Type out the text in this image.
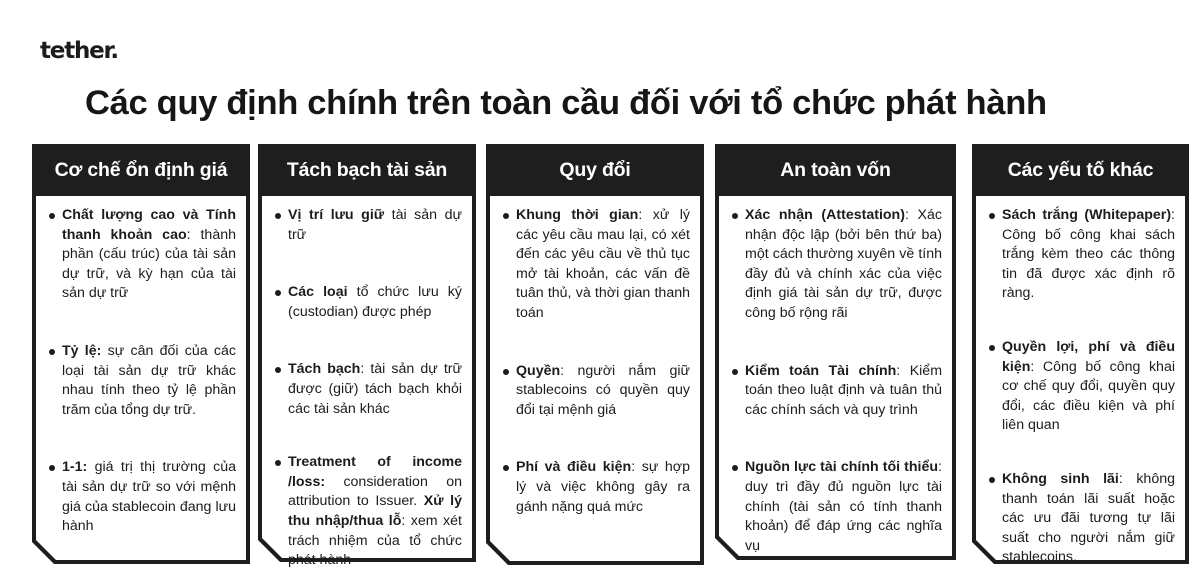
tether.
Các quy định chính trên toàn cầu đối với tổ chức phát hành
Cơ chế ổn định giá
Chất lượng cao và Tính thanh khoản cao: thành phần (cấu trúc) của tài sản dự trữ, và kỳ hạn của tài sản dự trữ
Tỷ lệ: sự cân đối của các loại tài sản dự trữ khác nhau tính theo tỷ lệ phần trăm của tổng dự trữ.
1-1: giá trị thị trường của tài sản dự trữ so với mệnh giá của stablecoin đang lưu hành
Tách bạch tài sản
Vị trí lưu giữ tài sản dự trữ
Các loại tổ chức lưu ký (custodian) được phép
Tách bạch: tài sản dự trữ được (giữ) tách bạch khỏi các tài sản khác
Treatment of income /loss: consideration on attribution to Issuer. Xử lý thu nhập/thua lỗ: xem xét trách nhiệm của tổ chức phát hành
Quy đổi
Khung thời gian: xử lý các yêu cầu mau lại, có xét đến các yêu cầu về thủ tục mở tài khoản, các vấn đề tuân thủ, và thời gian thanh toán
Quyền: người nắm giữ stablecoins có quyền quy đổi tại mệnh giá
Phí và điều kiện: sự hợp lý và việc không gây ra gánh nặng quá mức
An toàn vốn
Xác nhận (Attestation): Xác nhận độc lập (bởi bên thứ ba) một cách thường xuyên về tính đầy đủ và chính xác của việc định giá tài sản dự trữ, được công bố rộng rãi
Kiểm toán Tài chính: Kiểm toán theo luật định và tuân thủ các chính sách và quy trình
Nguồn lực tài chính tối thiểu: duy trì đầy đủ nguồn lực tài chính (tài sản có tính thanh khoản) để đáp ứng các nghĩa vụ
Các yếu tố khác
Sách trắng (Whitepaper): Công bố công khai sách trắng kèm theo các thông tin đã được xác định rõ ràng.
Quyền lợi, phí và điều kiện: Công bố công khai cơ chế quy đổi, quyền quy đổi, các điều kiện và phí liên quan
Không sinh lãi: không thanh toán lãi suất hoặc các ưu đãi tương tự lãi suất cho người nắm giữ stablecoins.
